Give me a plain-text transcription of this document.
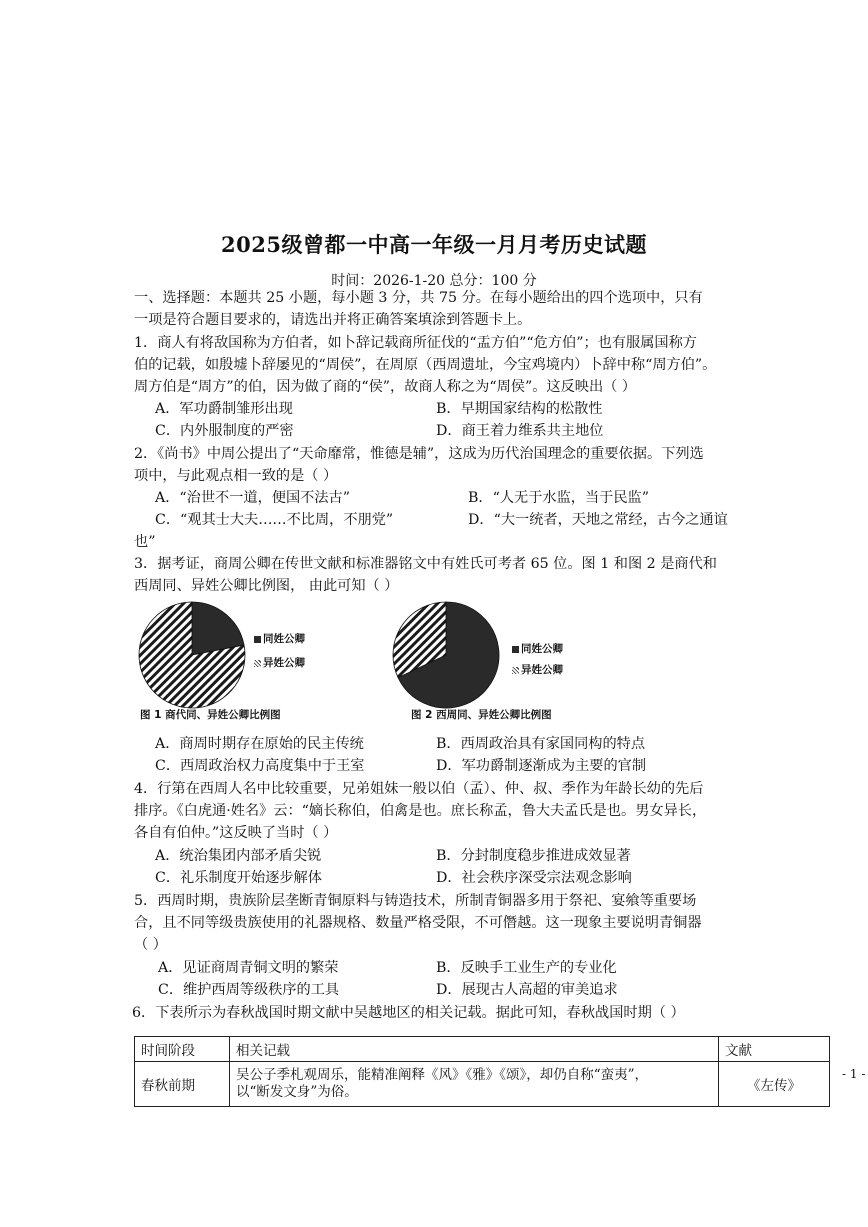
2025级曾都一中高一年级一月月考历史试题
时间：2026-1-20 总分：100 分
一、选择题：本题共 25 小题，每小题 3 分，共 75 分。在每小题给出的四个选项中，只有
一项是符合题目要求的，请选出并将正确答案填涂到答题卡上。
1．商人有将敌国称为方伯者，如卜辞记载商所征伐的“盂方伯”“危方伯”；也有服属国称方
伯的记载，如殷墟卜辞屡见的“周侯”，在周原（西周遗址，今宝鸡境内）卜辞中称“周方伯”。
周方伯是“周方”的伯，因为做了商的“侯”，故商人称之为“周侯”。这反映出（ ）
A．军功爵制雏形出现	B．早期国家结构的松散性
C．内外服制度的严密	D．商王着力维系共主地位
2．《尚书》中周公提出了“天命靡常，惟德是辅”，这成为历代治国理念的重要依据。下列选
项中，与此观点相一致的是（ ）
A．“治世不一道，便国不法古”	B．“人无于水监，当于民监”
C．“观其士大夫……不比周，不朋党”	D．“大一统者，天地之常经，古今之通谊
也”
3．据考证，商周公卿在传世文献和标准器铭文中有姓氏可考者 65 位。图 1 和图 2 是商代和
西周同、异姓公卿比例图， 由此可知（ ）
同姓公卿
异姓公卿
图 1 商代同、异姓公卿比例图
同姓公卿
异姓公卿
图 2 西周同、异姓公卿比例图
A．商周时期存在原始的民主传统	B．西周政治具有家国同构的特点
C．西周政治权力高度集中于王室	D．军功爵制逐渐成为主要的官制
4．行第在西周人名中比较重要，兄弟姐妹一般以伯（孟）、仲、叔、季作为年龄长幼的先后
排序。《白虎通·姓名》云：“嫡长称伯，伯禽是也。庶长称孟，鲁大夫孟氏是也。男女异长，
各自有伯仲。”这反映了当时（ ）
A．统治集团内部矛盾尖锐	B．分封制度稳步推进成效显著
C．礼乐制度开始逐步解体	D．社会秩序深受宗法观念影响
5．西周时期，贵族阶层垄断青铜原料与铸造技术，所制青铜器多用于祭祀、宴飨等重要场
合，且不同等级贵族使用的礼器规格、数量严格受限，不可僭越。这一现象主要说明青铜器
（ ）
A．见证商周青铜文明的繁荣	B．反映手工业生产的专业化
C．维护西周等级秩序的工具	D．展现古人高超的审美追求
6．下表所示为春秋战国时期文献中吴越地区的相关记载。据此可知，春秋战国时期（ ）
时间阶段	相关记载	文献
春秋前期	吴公子季札观周乐，能精准阐释《风》《雅》《颂》，却仍自称“蛮夷”，
以“断发文身”为俗。	《左传》
- 1 -
